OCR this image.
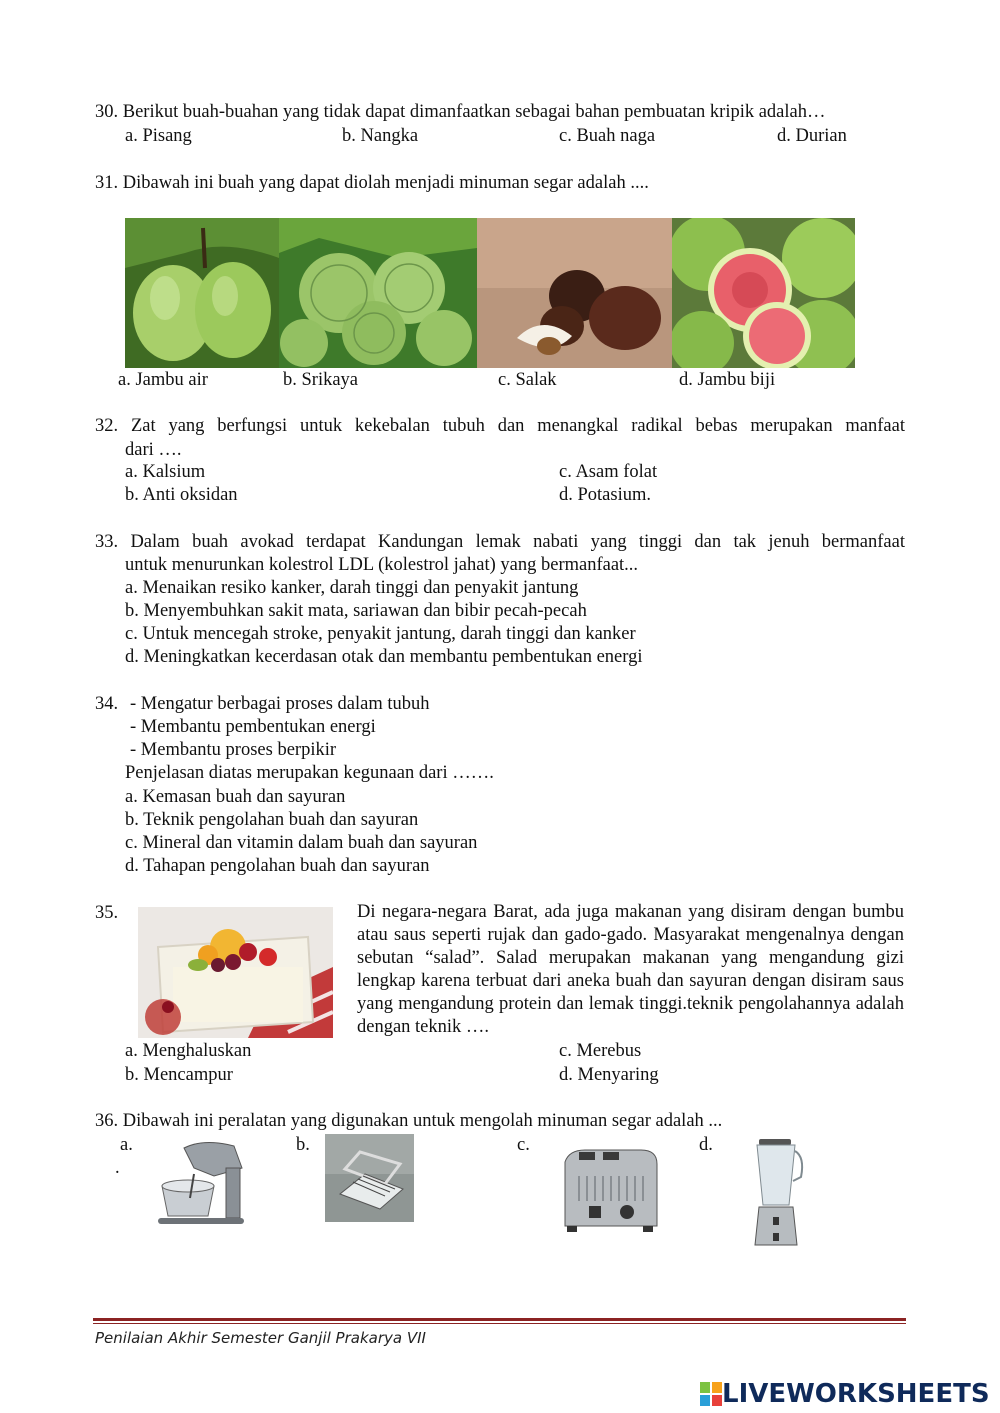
30. Berikut buah-buahan yang tidak dapat dimanfaatkan sebagai bahan pembuatan kripik adalah…
a. Pisang	b. Nangka	c. Buah naga	d. Durian
31. Dibawah ini buah yang dapat diolah menjadi minuman segar adalah ....
a. Jambu air	b. Srikaya	c. Salak	d. Jambu biji
32. Zat yang berfungsi untuk kekebalan tubuh dan menangkal radikal bebas merupakan manfaat
dari ….
a. Kalsium
b. Anti oksidan
c. Asam folat
d. Potasium.
33. Dalam buah avokad terdapat Kandungan lemak nabati yang tinggi dan tak jenuh bermanfaat
untuk menurunkan kolestrol LDL (kolestrol jahat) yang bermanfaat...
a. Menaikan resiko kanker, darah tinggi dan penyakit jantung
b. Menyembuhkan sakit mata, sariawan dan bibir pecah-pecah
c. Untuk mencegah stroke, penyakit jantung, darah tinggi dan kanker
d. Meningkatkan kecerdasan otak dan membantu pembentukan energi
34. - Mengatur berbagai proses dalam tubuh
- Membantu pembentukan energi
- Membantu proses berpikir
Penjelasan diatas merupakan kegunaan dari …….
a. Kemasan buah dan sayuran
b. Teknik pengolahan buah dan sayuran
c. Mineral dan vitamin dalam buah dan sayuran
d. Tahapan pengolahan buah dan sayuran
35.	Di negara-negara Barat, ada juga makanan yang disiram dengan bumbu atau saus seperti rujak dan gado-gado. Masyarakat mengenalnya dengan sebutan “salad”. Salad merupakan makanan yang mengandung gizi lengkap karena terbuat dari aneka buah dan sayuran dengan disiram saus yang mengandung protein dan lemak tinggi.teknik pengolahannya adalah dengan teknik ….
a. Menghaluskan
b. Mencampur
c. Merebus
d. Menyaring
36. Dibawah ini peralatan yang digunakan untuk mengolah minuman segar adalah ...
a.
.
b.	c.	d.
Penilaian Akhir Semester Ganjil Prakarya VII
LIVEWORKSHEETS
